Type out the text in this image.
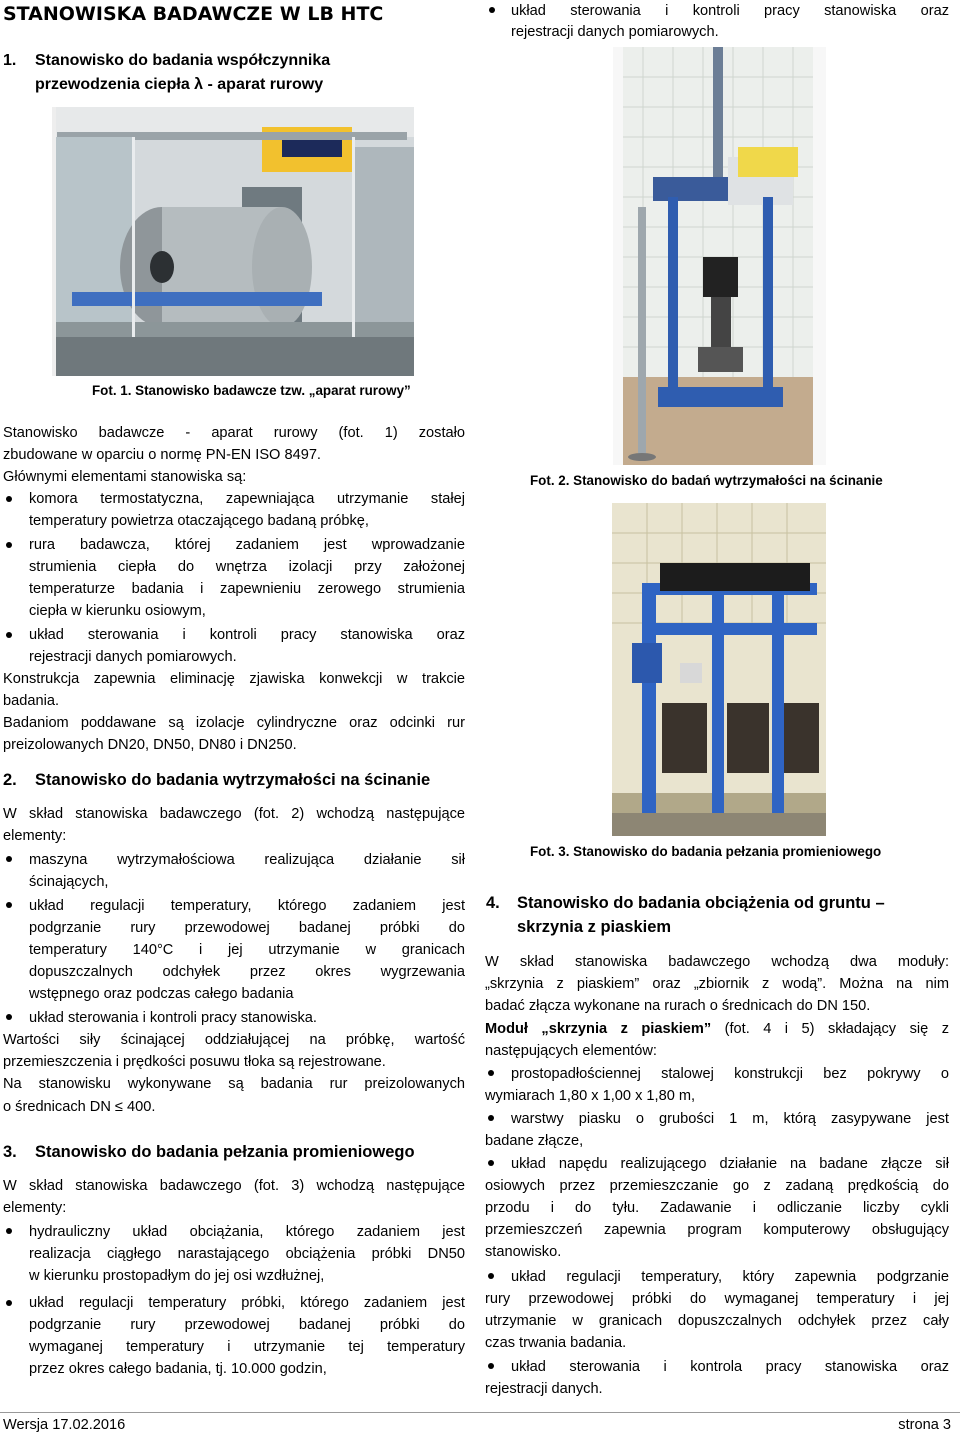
STANOWISKA BADAWCZE W LB HTC
1. Stanowisko do badania współczynnika
przewodzenia ciepła λ - aparat rurowy
Fot. 1. Stanowisko badawcze tzw. „aparat rurowy”
Stanowisko badawcze - aparat rurowy (fot. 1) zostało
zbudowane w oparciu o normę PN-EN ISO 8497.
Głównymi elementami stanowiska są:
komora termostatyczna, zapewniająca utrzymanie stałej
temperatury powietrza otaczającego badaną próbkę,
rura badawcza, której zadaniem jest wprowadzanie
strumienia ciepła do wnętrza izolacji przy założonej
temperaturze badania i zapewnieniu zerowego strumienia
ciepła w kierunku osiowym,
układ sterowania i kontroli pracy stanowiska oraz
rejestracji danych pomiarowych.
Konstrukcja zapewnia eliminację zjawiska konwekcji w trakcie
badania.
Badaniom poddawane są izolacje cylindryczne oraz odcinki rur
preizolowanych DN20, DN50, DN80 i DN250.
2. Stanowisko do badania wytrzymałości na ścinanie
W skład stanowiska badawczego (fot. 2) wchodzą następujące
elementy:
maszyna wytrzymałościowa realizująca działanie sił
ścinających,
układ regulacji temperatury, którego zadaniem jest
podgrzanie rury przewodowej badanej próbki do
temperatury 140°C i jej utrzymanie w granicach
dopuszczalnych odchyłek przez okres wygrzewania
wstępnego oraz podczas całego badania
układ sterowania i kontroli pracy stanowiska.
Wartości siły ścinającej oddziałującej na próbkę, wartość
przemieszczenia i prędkości posuwu tłoka są rejestrowane.
Na stanowisku wykonywane są badania rur preizolowanych
o średnicach DN ≤ 400.
3. Stanowisko do badania pełzania promieniowego
W skład stanowiska badawczego (fot. 3) wchodzą następujące
elementy:
hydrauliczny układ obciążania, którego zadaniem jest
realizacja ciągłego narastającego obciążenia próbki DN50
w kierunku prostopadłym do jej osi wzdłużnej,
układ regulacji temperatury próbki, którego zadaniem jest
podgrzanie rury przewodowej badanej próbki do
wymaganej temperatury i utrzymanie tej temperatury
przez okres całego badania, tj. 10.000 godzin,
układ sterowania i kontroli pracy stanowiska oraz
rejestracji danych pomiarowych.
Fot. 2. Stanowisko do badań wytrzymałości na ścinanie
Fot. 3. Stanowisko do badania pełzania promieniowego
4. Stanowisko do badania obciążenia od gruntu –
skrzynia z piaskiem
W skład stanowiska badawczego wchodzą dwa moduły:
„skrzynia z piaskiem” oraz „zbiornik z wodą”. Można na nim
badać złącza wykonane na rurach o średnicach do DN 150.
Moduł „skrzynia z piaskiem” (fot. 4 i 5) składający się z
następujących elementów:
prostopadłościennej stalowej konstrukcji bez pokrywy o
wymiarach 1,80 x 1,00 x 1,80 m,
warstwy piasku o grubości 1 m, którą zasypywane jest
badane złącze,
układ napędu realizującego działanie na badane złącze sił
osiowych przez przemieszczanie go z zadaną prędkością do
przodu i do tyłu. Zadawanie i odliczanie liczby cykli
przemieszczeń zapewnia program komputerowy obsługujący
stanowisko.
układ regulacji temperatury, który zapewnia podgrzanie
rury przewodowej próbki do wymaganej temperatury i jej
utrzymanie w granicach dopuszczalnych odchyłek przez cały
czas trwania badania.
układ sterowania i kontrola pracy stanowiska oraz
rejestracji danych.
Wersja 17.02.2016	strona 3
